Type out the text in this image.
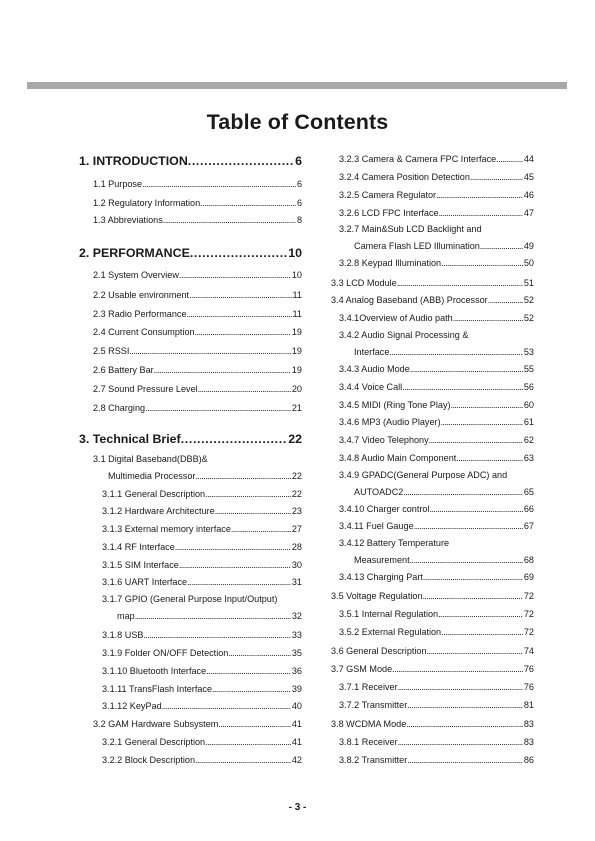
Table of Contents
1. INTRODUCTION . . .	6
1.1 Purpose . . .	6
1.2 Regulatory Information . . .	6
1.3 Abbreviations . . .	8
2. PERFORMANCE . . .	10
2.1 System Overview . . .	10
2.2 Usable environment . . .	11
2.3 Radio Performance . . .	11
2.4 Current Consumption . . .	19
2.5 RSSI . . .	19
2.6 Battery Bar . . .	19
2.7 Sound Pressure Level . . .	20
2.8 Charging . . .	21
3. Technical Brief . . .	22
3.1 Digital Baseband(DBB)&
Multimedia Processor . . .	22
3.1.1 General Description . . .	22
3.1.2 Hardware Architecture . . .	23
3.1.3 External memory interface . . .	27
3.1.4 RF Interface . . .	28
3.1.5 SIM Interface . . .	30
3.1.6 UART Interface . . .	31
3.1.7 GPIO (General Purpose Input/Output)
map . . .	32
3.1.8 USB . . .	33
3.1.9 Folder ON/OFF Detection . . .	35
3.1.10 Bluetooth Interface . . .	36
3.1.11 TransFlash Interface . . .	39
3.1.12 KeyPad . . .	40
3.2 GAM Hardware Subsystem . . .	41
3.2.1 General Description . . .	41
3.2.2 Block Description . . .	42
3.2.3 Camera & Camera FPC Interface . . .	44
3.2.4 Camera Position Detection . . .	45
3.2.5 Camera Regulator . . .	46
3.2.6 LCD FPC Interface . . .	47
3.2.7 Main&Sub LCD Backlight and
Camera Flash LED Illumination . . .	49
3.2.8 Keypad Illumination . . .	50
3.3 LCD Module . . .	51
3.4 Analog Baseband (ABB) Processor . . .	52
3.4.1Overview of Audio path . . .	52
3.4.2 Audio Signal Processing &
Interface . . .	53
3.4.3 Audio Mode . . .	55
3.4.4 Voice Call . . .	56
3.4.5 MIDI (Ring Tone Play) . . .	60
3.4.6 MP3 (Audio Player) . . .	61
3.4.7 Video Telephony . . .	62
3.4.8 Audio Main Component . . .	63
3.4.9 GPADC(General Purpose ADC) and
AUTOADC2 . . .	65
3.4.10 Charger control . . .	66
3.4.11 Fuel Gauge . . .	67
3.4.12 Battery Temperature
Measurement . . .	68
3.4.13 Charging Part . . .	69
3.5 Voltage Regulation . . .	72
3.5.1 Internal Regulation . . .	72
3.5.2 External Regulation . . .	72
3.6 General Description . . .	74
3.7 GSM Mode . . .	76
3.7.1 Receiver . . .	76
3.7.2 Transmitter . . .	81
3.8 WCDMA Mode . . .	83
3.8.1 Receiver . . .	83
3.8.2 Transmitter . . .	86
- 3 -
